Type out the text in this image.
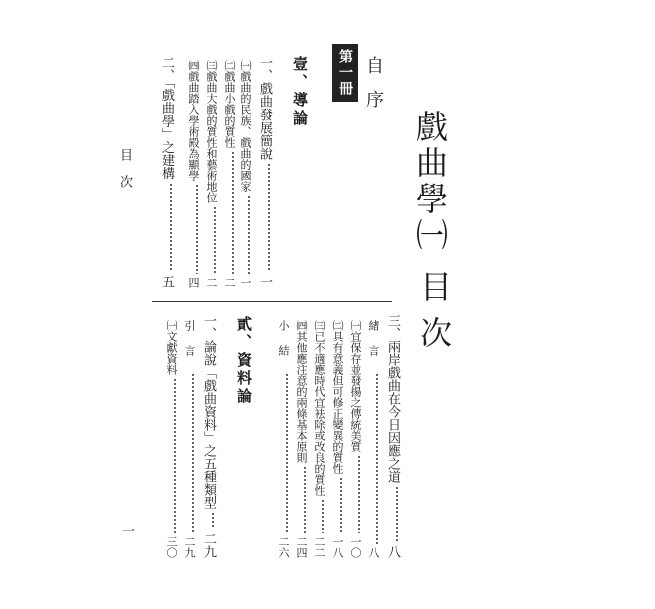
戲曲學㈠
目次
自序
第一冊
目次
一
壹、導論
一、戲曲發展簡說
一
㈠戲曲的民族、戲曲的國家
一
㈡戲曲小戲的質性
二
㈢戲曲大戲的質性和藝術地位
二
㈣戲曲踏入學術殿為顯學
四
二、「戲曲學」之建構
五
三、兩岸戲曲在今日因應之道
八
緒言
八
㈠宜保存並發揚之傳統美質
一〇
㈡具有意義但可修正變異的質性
一八
㈢已不適應時代宜袪除或改良的質性
二二
㈣其他應注意的兩條基本原則
二四
小結
二六
貳、資料論
一、論說「戲曲資料」之五種類型
二九
引言
二九
㈠文獻資料
三〇
